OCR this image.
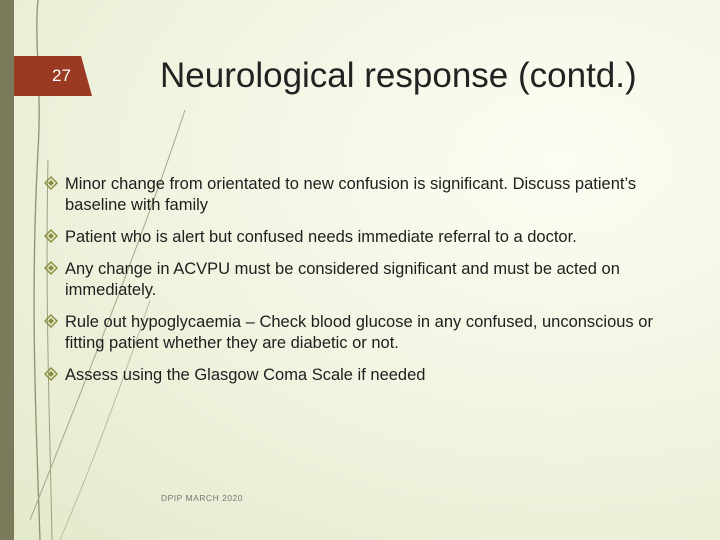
27	Neurological response (contd.)
Minor change from orientated to new confusion is significant. Discuss patient’s baseline with family
Patient who is alert but confused needs immediate referral to a doctor.
Any change in ACVPU must be considered significant and must be acted on immediately.
Rule out hypoglycaemia – Check blood glucose in any confused, unconscious or fitting patient whether they are diabetic or not.
Assess using the Glasgow Coma Scale if needed
DPIP MARCH 2020
